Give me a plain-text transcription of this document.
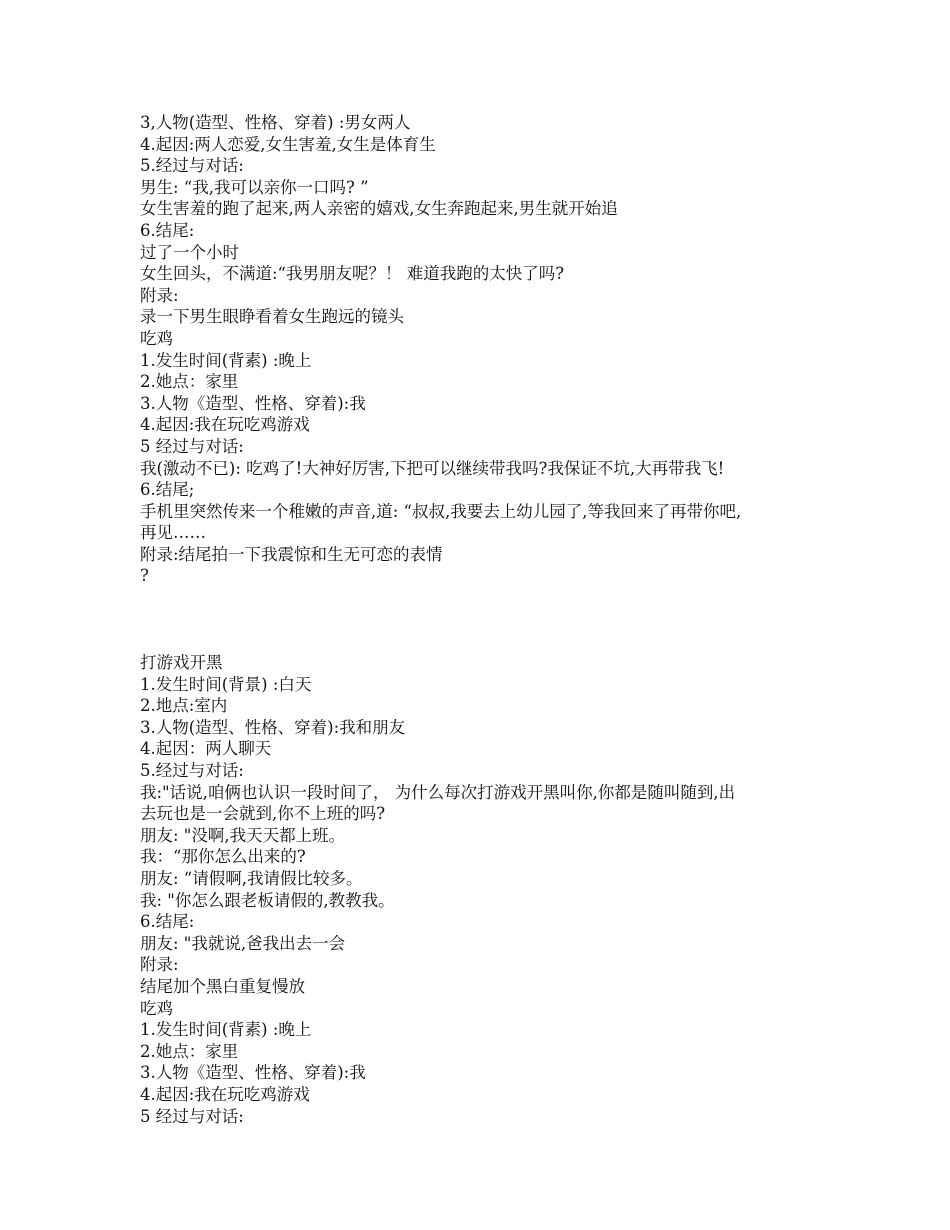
3,人物(造型、性格、穿着) :男女两人
4.起因:两人恋爱,女生害羞,女生是体育生
5.经过与对话:
男生: “我,我可以亲你一口吗? ”
女生害羞的跑了起来,两人亲密的嬉戏,女生奔跑起来,男生就开始追
6.结尾:
过了一个小时
女生回头，不满道:“我男朋友呢？！ 难道我跑的太快了吗?
附录:
录一下男生眼睁看着女生跑远的镜头
吃鸡
1.发生时间(背素) :晚上
2.她点：家里
3.人物《造型、性格、穿着):我
4.起因:我在玩吃鸡游戏
5 经过与对话:
我(激动不已): 吃鸡了!大神好厉害,下把可以继续带我吗?我保证不坑,大再带我飞!
6.结尾;
手机里突然传来一个稚嫩的声音,道: “叔叔,我要去上幼儿园了,等我回来了再带你吧,
再见……
附录:结尾拍一下我震惊和生无可恋的表情
?
打游戏开黑
1.发生时间(背景) :白天
2.地点:室内
3.人物(造型、性格、穿着):我和朋友
4.起因：两人聊天
5.经过与对话:
我:"话说,咱俩也认识一段时间了， 为什么每次打游戏开黑叫你,你都是随叫随到,出
去玩也是一会就到,你不上班的吗?
朋友: "没啊,我天天都上班。
我：“那你怎么出来的?
朋友: “请假啊,我请假比较多。
我: "你怎么跟老板请假的,教教我。
6.结尾:
朋友: "我就说,爸我出去一会
附录:
结尾加个黑白重复慢放
吃鸡
1.发生时间(背素) :晚上
2.她点：家里
3.人物《造型、性格、穿着):我
4.起因:我在玩吃鸡游戏
5 经过与对话:
